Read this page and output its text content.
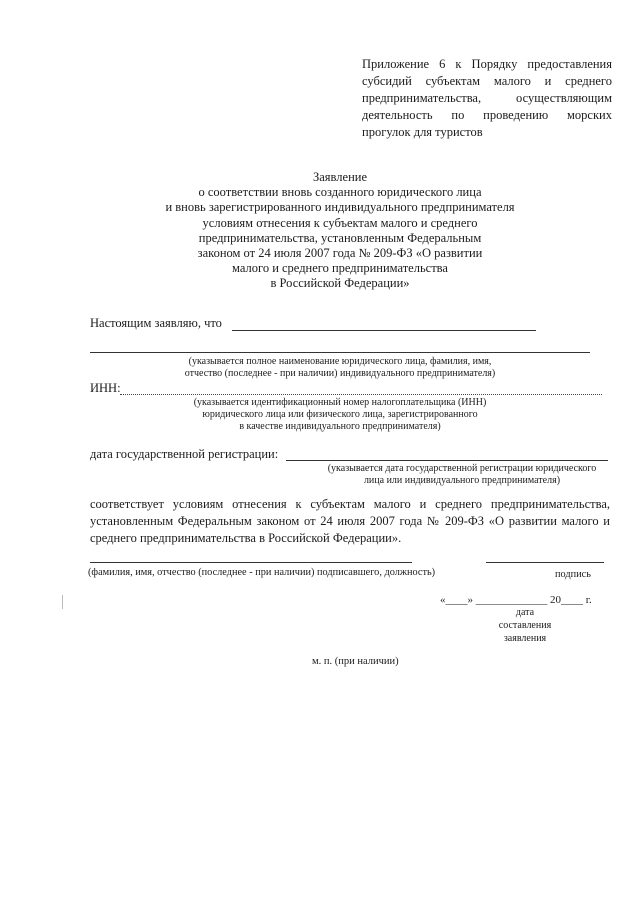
Приложение 6 к Порядку предоставления субсидий субъектам малого и среднего предпринимательства, осуществляющим деятельность по проведению морских прогулок для туристов
Заявление
о соответствии вновь созданного юридического лица
и вновь зарегистрированного индивидуального предпринимателя
условиям отнесения к субъектам малого и среднего
предпринимательства, установленным Федеральным
законом от 24 июля 2007 года № 209-ФЗ «О развитии
малого и среднего предпринимательства
в Российской Федерации»
Настоящим заявляю, что
(указывается полное наименование юридического лица, фамилия, имя,
отчество (последнее - при наличии) индивидуального предпринимателя)
ИНН:
(указывается идентификационный номер налогоплательщика (ИНН)
юридического лица или физического лица, зарегистрированного
в качестве индивидуального предпринимателя)
дата государственной регистрации:
(указывается дата государственной регистрации юридического
лица или индивидуального предпринимателя)
соответствует условиям отнесения к субъектам малого и среднего предпринимательства, установленным Федеральным законом от 24 июля 2007 года № 209-ФЗ «О развитии малого и среднего предпринимательства в Российской Федерации».
(фамилия, имя, отчество (последнее - при наличии) подписавшего, должность)	подпись
«____» _____________ 20____ г.
дата
составления
заявления
м. п. (при наличии)
